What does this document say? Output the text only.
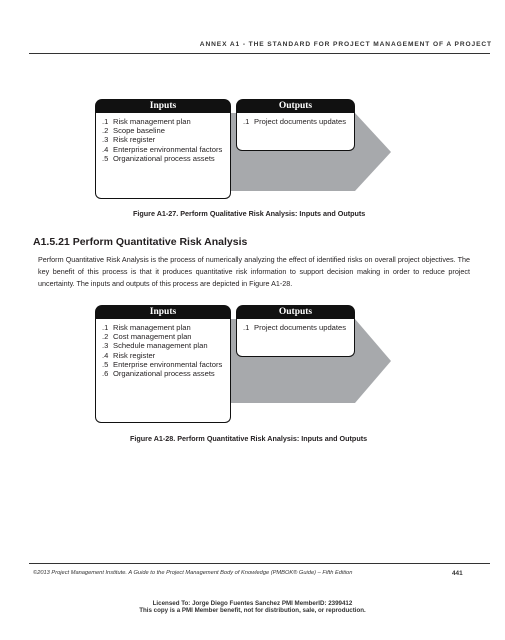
ANNEX A1 - THE STANDARD FOR PROJECT MANAGEMENT OF A PROJECT
Inputs
.1 Risk management plan
.2 Scope baseline
.3 Risk register
.4 Enterprise environmental factors
.5 Organizational process assets
Outputs
.1 Project documents updates
Figure A1-27. Perform Qualitative Risk Analysis: Inputs and Outputs
A1.5.21 Perform Quantitative Risk Analysis
Perform Quantitative Risk Analysis is the process of numerically analyzing the effect of identified risks on overall project objectives. The key benefit of this process is that it produces quantitative risk information to support decision making in order to reduce project uncertainty. The inputs and outputs of this process are depicted in Figure A1-28.
Inputs
.1 Risk management plan
.2 Cost management plan
.3 Schedule management plan
.4 Risk register
.5 Enterprise environmental factors
.6 Organizational process assets
Outputs
.1 Project documents updates
Figure A1-28. Perform Quantitative Risk Analysis: Inputs and Outputs
©2013 Project Management Institute. A Guide to the Project Management Body of Knowledge (PMBOK® Guide) – Fifth Edition	441
Licensed To: Jorge Diego Fuentes Sanchez PMI MemberID: 2399412
This copy is a PMI Member benefit, not for distribution, sale, or reproduction.
